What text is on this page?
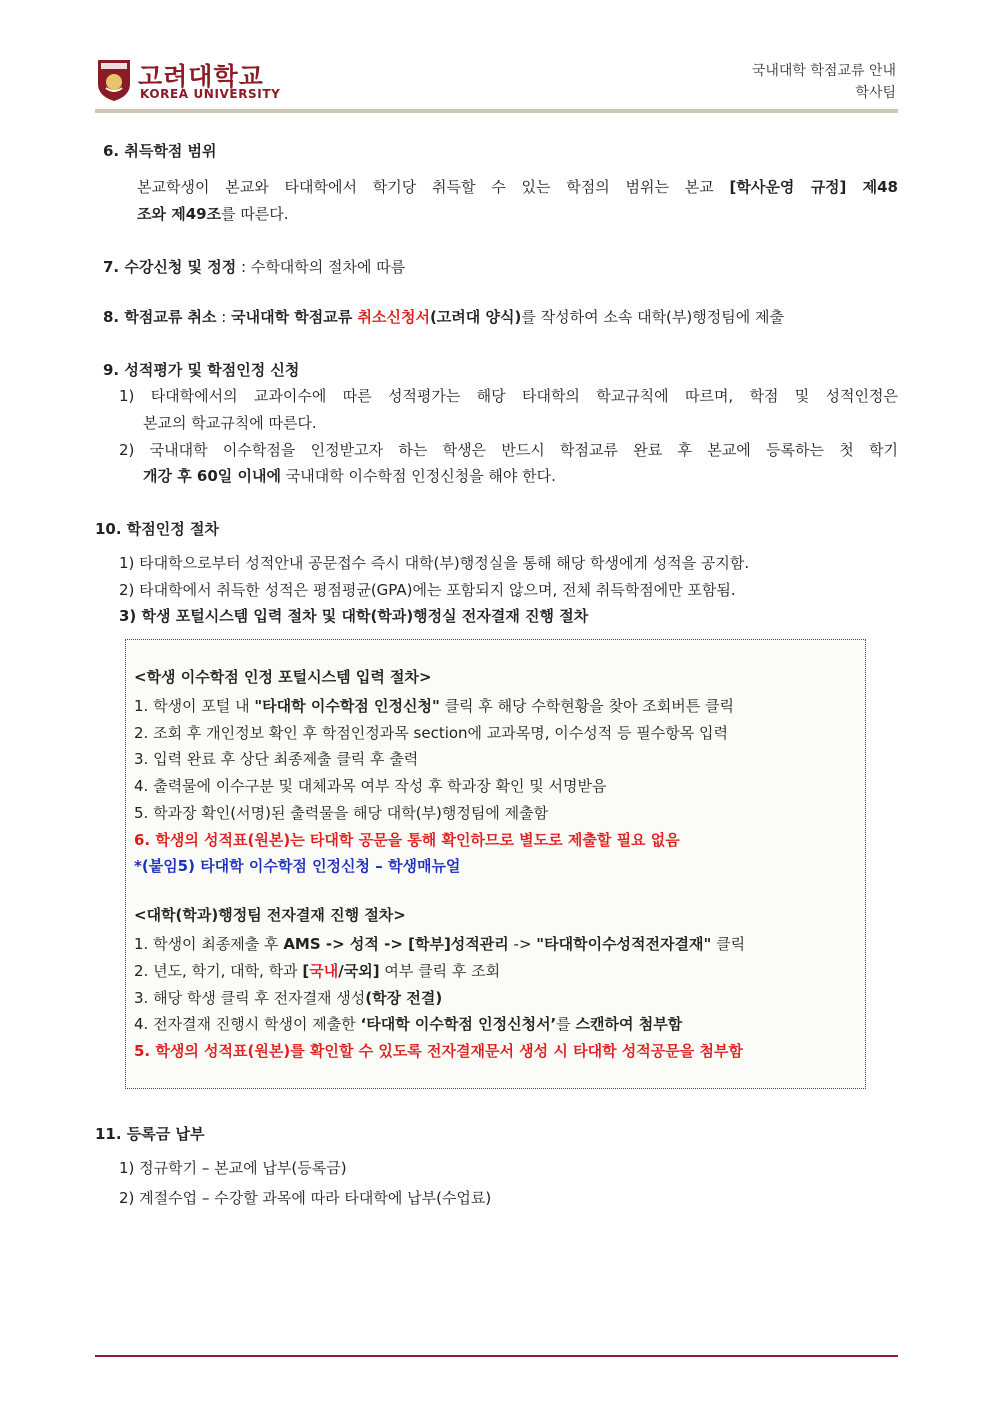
고려대학교
KOREA UNIVERSITY
국내대학 학점교류 안내
학사팀
6. 취득학점 범위
본교학생이 본교와 타대학에서 학기당 취득할 수 있는 학점의 범위는 본교 [학사운영 규정] 제48
조와 제49조를 따른다.
7. 수강신청 및 정정 : 수학대학의 절차에 따름
8. 학점교류 취소 : 국내대학 학점교류 취소신청서(고려대 양식)를 작성하여 소속 대학(부)행정팀에 제출
9. 성적평가 및 학점인정 신청
1) 타대학에서의 교과이수에 따른 성적평가는 해당 타대학의 학교규칙에 따르며, 학점 및 성적인정은
본교의 학교규칙에 따른다.
2) 국내대학 이수학점을 인정받고자 하는 학생은 반드시 학점교류 완료 후 본교에 등록하는 첫 학기
개강 후 60일 이내에 국내대학 이수학점 인정신청을 해야 한다.
10. 학점인정 절차
1) 타대학으로부터 성적안내 공문접수 즉시 대학(부)행정실을 통해 해당 학생에게 성적을 공지함.
2) 타대학에서 취득한 성적은 평점평균(GPA)에는 포함되지 않으며, 전체 취득학점에만 포함됨.
3) 학생 포털시스템 입력 절차 및 대학(학과)행정실 전자결재 진행 절차
<학생 이수학점 인정 포털시스템 입력 절차>
1. 학생이 포털 내 "타대학 이수학점 인정신청" 클릭 후 해당 수학현황을 찾아 조회버튼 클릭
2. 조회 후 개인정보 확인 후 학점인정과목 section에 교과목명, 이수성적 등 필수항목 입력
3. 입력 완료 후 상단 최종제출 클릭 후 출력
4. 출력물에 이수구분 및 대체과목 여부 작성 후 학과장 확인 및 서명받음
5. 학과장 확인(서명)된 출력물을 해당 대학(부)행정팀에 제출함
6. 학생의 성적표(원본)는 타대학 공문을 통해 확인하므로 별도로 제출할 필요 없음
*(붙임5) 타대학 이수학점 인정신청 – 학생매뉴얼
<대학(학과)행정팀 전자결재 진행 절차>
1. 학생이 최종제출 후 AMS -> 성적 -> [학부]성적관리 -> "타대학이수성적전자결재" 클릭
2. 년도, 학기, 대학, 학과 [국내/국외] 여부 클릭 후 조회
3. 해당 학생 클릭 후 전자결재 생성(학장 전결)
4. 전자결재 진행시 학생이 제출한 ‘타대학 이수학점 인정신청서’를 스캔하여 첨부함
5. 학생의 성적표(원본)를 확인할 수 있도록 전자결재문서 생성 시 타대학 성적공문을 첨부함
11. 등록금 납부
1) 정규학기 – 본교에 납부(등록금)
2) 계절수업 – 수강할 과목에 따라 타대학에 납부(수업료)
